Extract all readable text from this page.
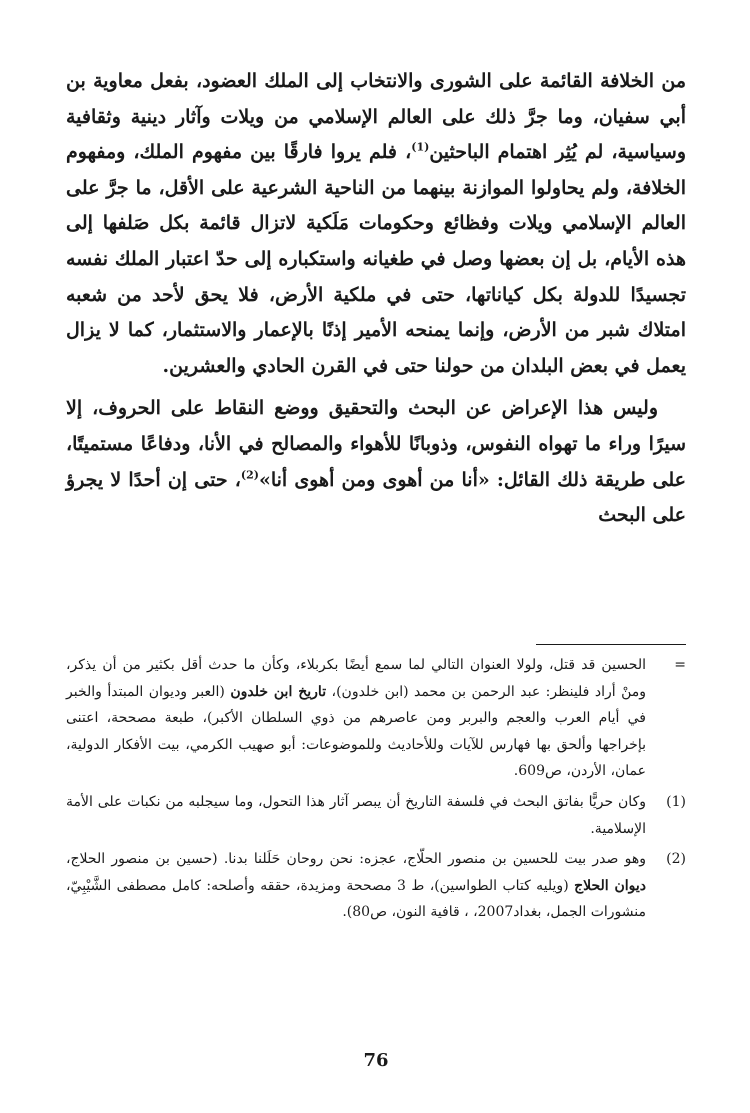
من الخلافة القائمة على الشورى والانتخاب إلى الملك العضود، بفعل معاوية بن أبي سفيان، وما جرَّ ذلك على العالم الإسلامي من ويلات وآثار دينية وثقافية وسياسية، لم يُثِر اهتمام الباحثين$^{(1)}$، فلم يروا فارقًا بين مفهوم الملك، ومفهوم الخلافة، ولم يحاولوا الموازنة بينهما من الناحية الشرعية على الأقل، ما جرَّ على العالم الإسلامي ويلات وفظائع وحكومات مَلَكية لاتزال قائمة بكل صَلفها إلى هذه الأيام، بل إن بعضها وصل في طغيانه واستكباره إلى حدّ اعتبار الملك نفسه تجسيدًا للدولة بكل كياناتها، حتى في ملكية الأرض، فلا يحق لأحد من شعبه امتلاك شبر من الأرض، وإنما يمنحه الأمير إذنًا بالإعمار والاستثمار، كما لا يزال يعمل في بعض البلدان من حولنا حتى في القرن الحادي والعشرين.

وليس هذا الإعراض عن البحث والتحقيق ووضع النقاط على الحروف، إلا سيرًا وراء ما تهواه النفوس، وذوبانًا للأهواء والمصالح في الأنا، ودفاعًا مستميتًا، على طريقة ذلك القائل: «أنا من أهوى ومن أهوى أنا»$^{(2)}$، حتى إن أحدًا لا يجرؤ على البحث

=
الحسين قد قتل، ولولا العنوان التالي لما سمع أيضًا بكربلاء، وكأن ما حدث أقل بكثير من أن يذكر، ومنْ أراد فلينظر: عبد الرحمن بن محمد (ابن خلدون)، تاريخ ابن خلدون (العبر وديوان المبتدأ والخبر في أيام العرب والعجم والبربر ومن عاصرهم من ذوي السلطان الأكبر)، طبعة مصححة، اعتنى بإخراجها وألحق بها فهارس للآيات وللأحاديث وللموضوعات: أبو صهيب الكرمي، بيت الأفكار الدولية، عمان، الأردن، ص609.
(1)
وكان حريًّا بفاتق البحث في فلسفة التاريخ أن يبصر آثار هذا التحول، وما سيجلبه من نكبات على الأمة الإسلامية.
(2)
وهو صدر بيت للحسين بن منصور الحلّاج، عجزه: نحن روحان حَلَلنا بدنا. (حسين بن منصور الحلاج، ديوان الحلاج (ويليه كتاب الطواسين)، ط 3 مصححة ومزيدة، حققه وأصلحه: كامل مصطفى الشَّيْبِيّ، منشورات الجمل، بغداد2007، ، قافية النون، ص80).
76
